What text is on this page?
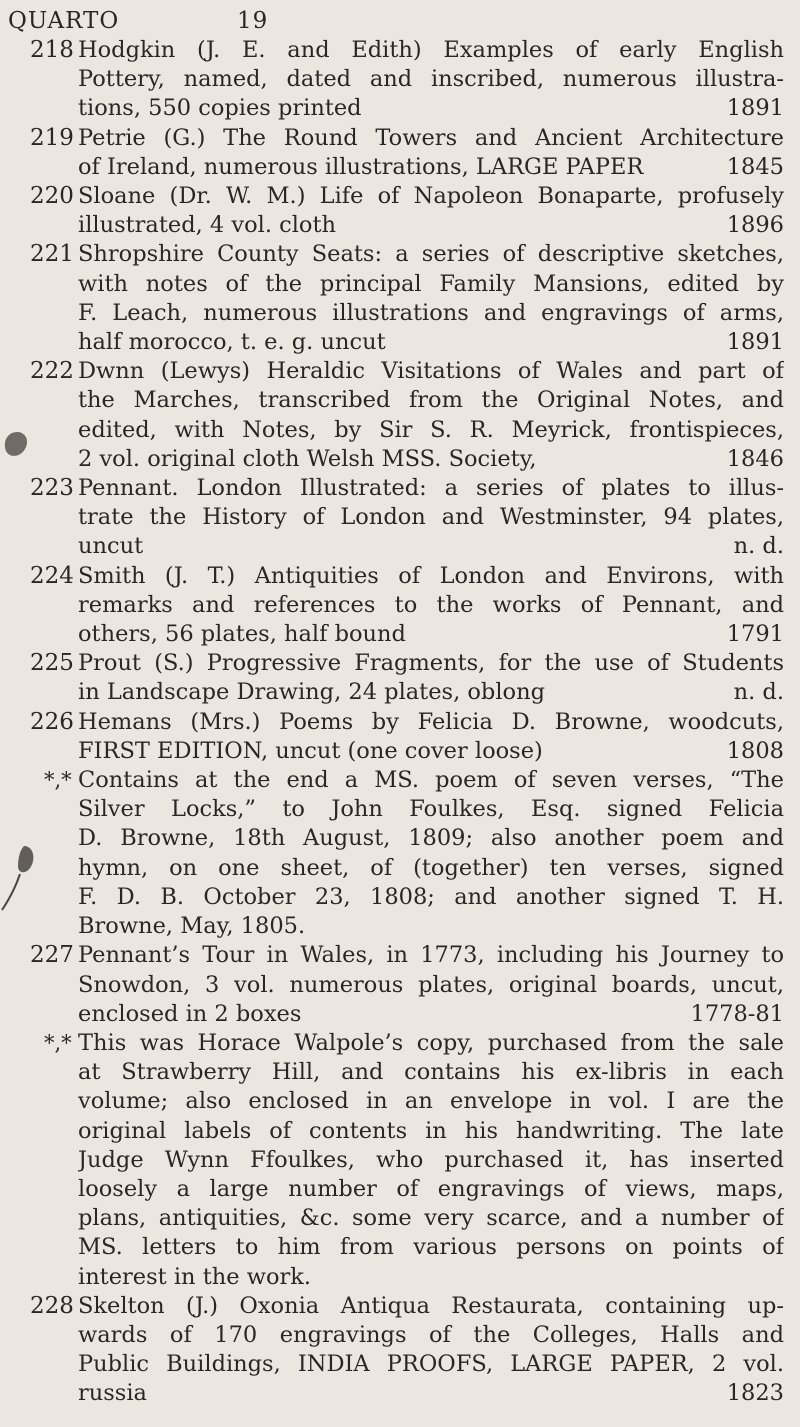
QUARTO	19
218 Hodgkin (J. E. and Edith) Examples of early English
Pottery, named, dated and inscribed, numerous illustra-
1891
tions, 550 copies printed
219 Petrie (G.) The Round Towers and Ancient Architecture
1845
of Ireland, numerous illustrations, LARGE PAPER
220 Sloane (Dr. W. M.) Life of Napoleon Bonaparte, profusely
1896
illustrated, 4 vol. cloth
221 Shropshire County Seats: a series of descriptive sketches,
with notes of the principal Family Mansions, edited by
F. Leach, numerous illustrations and engravings of arms,
1891
half morocco, t. e. g. uncut
222 Dwnn (Lewys) Heraldic Visitations of Wales and part of
the Marches, transcribed from the Original Notes, and
edited, with Notes, by Sir S. R. Meyrick, frontispieces,
1846
2 vol. original cloth Welsh MSS. Society,
223 Pennant. London Illustrated: a series of plates to illus-
trate the History of London and Westminster, 94 plates,
n. d.
uncut
224 Smith (J. T.) Antiquities of London and Environs, with
remarks and references to the works of Pennant, and
1791
others, 56 plates, half bound
225 Prout (S.) Progressive Fragments, for the use of Students
n. d.
in Landscape Drawing, 24 plates, oblong
226 Hemans (Mrs.) Poems by Felicia D. Browne, woodcuts,
1808
FIRST EDITION, uncut (one cover loose)
*,* Contains at the end a MS. poem of seven verses, “The
Silver Locks,” to John Foulkes, Esq. signed Felicia
D. Browne, 18th August, 1809; also another poem and
hymn, on one sheet, of (together) ten verses, signed
F. D. B. October 23, 1808; and another signed T. H.
Browne, May, 1805.
227 Pennant’s Tour in Wales, in 1773, including his Journey to
Snowdon, 3 vol. numerous plates, original boards, uncut,
1778-81
enclosed in 2 boxes
*,* This was Horace Walpole’s copy, purchased from the sale
at Strawberry Hill, and contains his ex-libris in each
volume; also enclosed in an envelope in vol. I are the
original labels of contents in his handwriting. The late
Judge Wynn Ffoulkes, who purchased it, has inserted
loosely a large number of engravings of views, maps,
plans, antiquities, &c. some very scarce, and a number of
MS. letters to him from various persons on points of
interest in the work.
228 Skelton (J.) Oxonia Antiqua Restaurata, containing up-
wards of 170 engravings of the Colleges, Halls and
Public Buildings, INDIA PROOFS, LARGE PAPER, 2 vol.
1823
russia
